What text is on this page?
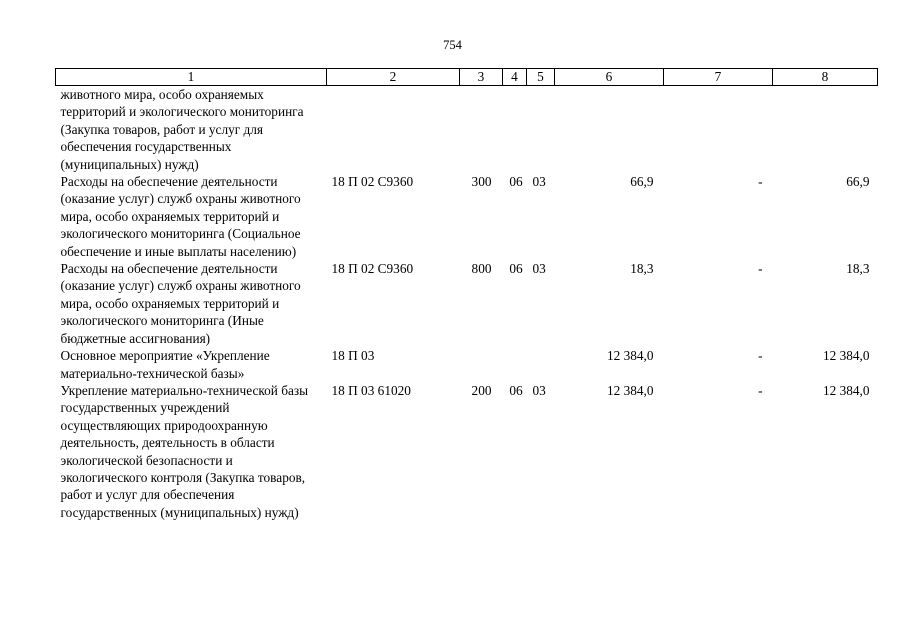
754
1	2	3	4	5	6	7	8
животного мира, особо охраняемых территорий и экологического мониторинга (Закупка товаров, работ и услуг для обеспечения государственных (муниципальных) нужд)							
Расходы на обеспечение деятельности (оказание услуг) служб охраны животного мира, особо охраняемых территорий и экологического мониторинга (Социальное обеспечение и иные выплаты населению)	18 П 02 С9360	300	06	03	66,9	-	66,9
Расходы на обеспечение деятельности (оказание услуг) служб охраны животного мира, особо охраняемых территорий и экологического мониторинга (Иные бюджетные ассигнования)	18 П 02 С9360	800	06	03	18,3	-	18,3
Основное мероприятие «Укрепление материально-технической базы»	18 П 03				12 384,0	-	12 384,0
Укрепление материально-технической базы государственных учреждений осуществляющих природоохранную деятельность, деятельность в области экологической безопасности и экологического контроля (Закупка товаров, работ и услуг для обеспечения государственных (муниципальных) нужд)	18 П 03 61020	200	06	03	12 384,0	-	12 384,0
